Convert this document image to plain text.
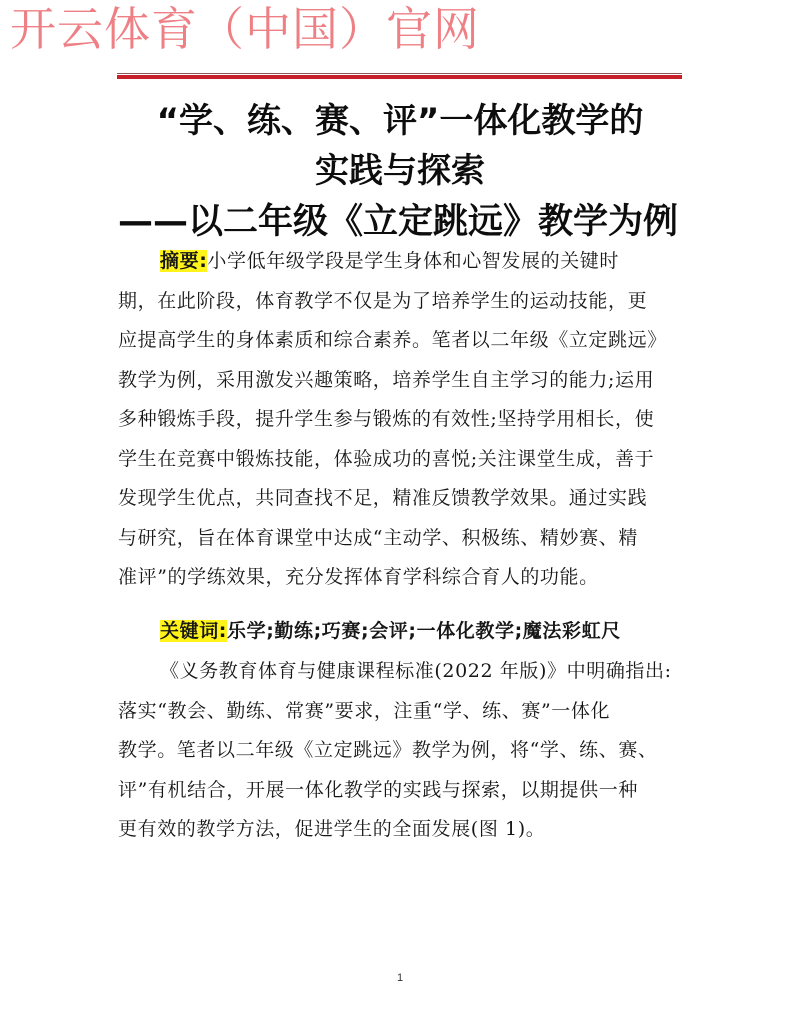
开云体育（中国）官网
“学、练、赛、评”一体化教学的
实践与探索
——以二年级《立定跳远》教学为例
摘要:小学低年级学段是学生身体和心智发展的关键时
期，在此阶段，体育教学不仅是为了培养学生的运动技能，更
应提高学生的身体素质和综合素养。笔者以二年级《立定跳远》
教学为例，采用激发兴趣策略，培养学生自主学习的能力;运用
多种锻炼手段，提升学生参与锻炼的有效性;坚持学用相长，使
学生在竞赛中锻炼技能，体验成功的喜悦;关注课堂生成，善于
发现学生优点，共同查找不足，精准反馈教学效果。通过实践
与研究，旨在体育课堂中达成“主动学、积极练、精妙赛、精
准评”的学练效果，充分发挥体育学科综合育人的功能。
关键词:乐学;勤练;巧赛;会评;一体化教学;魔法彩虹尺
《义务教育体育与健康课程标准(2022 年版)》中明确指出:
落实“教会、勤练、常赛”要求，注重“学、练、赛”一体化
教学。笔者以二年级《立定跳远》教学为例，将“学、练、赛、
评”有机结合，开展一体化教学的实践与探索，以期提供一种
更有效的教学方法，促进学生的全面发展(图 1)。
1
